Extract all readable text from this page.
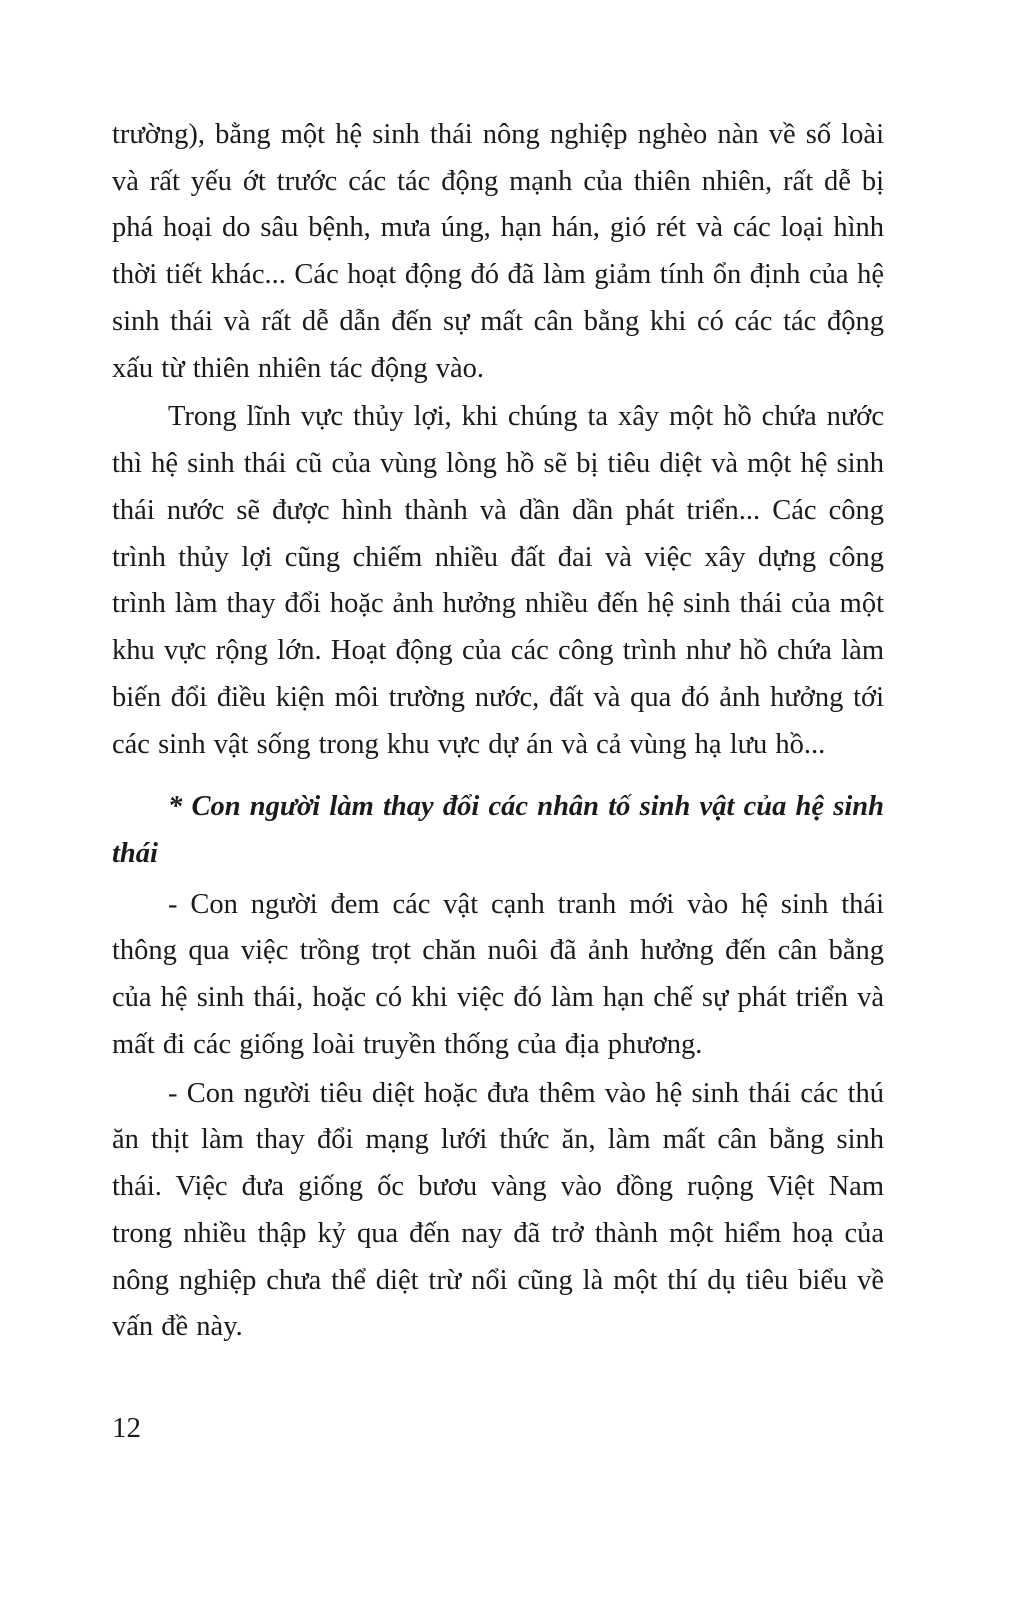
trường), bằng một hệ sinh thái nông nghiệp nghèo nàn về số loài và rất yếu ớt trước các tác động mạnh của thiên nhiên, rất dễ bị phá hoại do sâu bệnh, mưa úng, hạn hán, gió rét và các loại hình thời tiết khác... Các hoạt động đó đã làm giảm tính ổn định của hệ sinh thái và rất dễ dẫn đến sự mất cân bằng khi có các tác động xấu từ thiên nhiên tác động vào.

Trong lĩnh vực thủy lợi, khi chúng ta xây một hồ chứa nước thì hệ sinh thái cũ của vùng lòng hồ sẽ bị tiêu diệt và một hệ sinh thái nước sẽ được hình thành và dần dần phát triển... Các công trình thủy lợi cũng chiếm nhiều đất đai và việc xây dựng công trình làm thay đổi hoặc ảnh hưởng nhiều đến hệ sinh thái của một khu vực rộng lớn. Hoạt động của các công trình như hồ chứa làm biến đổi điều kiện môi trường nước, đất và qua đó ảnh hưởng tới các sinh vật sống trong khu vực dự án và cả vùng hạ lưu hồ...

* Con người làm thay đổi các nhân tố sinh vật của hệ sinh thái

- Con người đem các vật cạnh tranh mới vào hệ sinh thái thông qua việc trồng trọt chăn nuôi đã ảnh hưởng đến cân bằng của hệ sinh thái, hoặc có khi việc đó làm hạn chế sự phát triển và mất đi các giống loài truyền thống của địa phương.

- Con người tiêu diệt hoặc đưa thêm vào hệ sinh thái các thú ăn thịt làm thay đổi mạng lưới thức ăn, làm mất cân bằng sinh thái. Việc đưa giống ốc bươu vàng vào đồng ruộng Việt Nam trong nhiều thập kỷ qua đến nay đã trở thành một hiểm hoạ của nông nghiệp chưa thể diệt trừ nổi cũng là một thí dụ tiêu biểu về vấn đề này.

12
